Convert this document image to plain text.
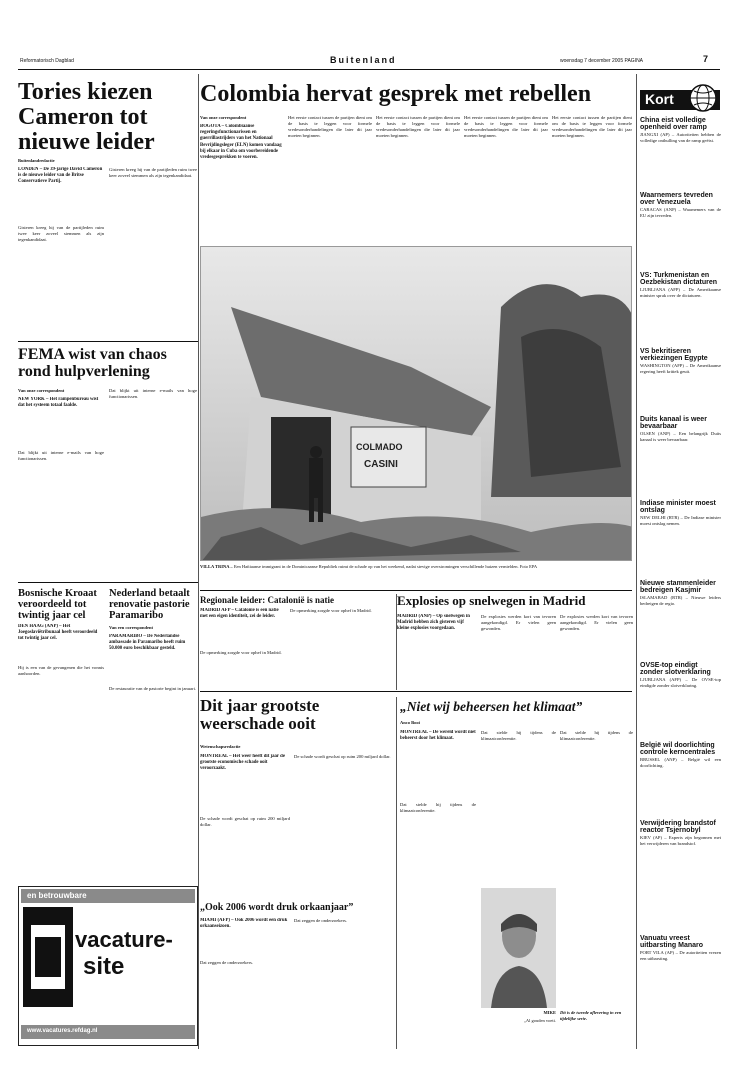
Reformatorisch Dagblad	Buitenland	woensdag 7 december 2005 PAGINA	7
Tories kiezen Cameron tot nieuwe leider
Buitenlandredactie
LONDEN – De 39-jarige David Cameron is de nieuwe leider van de Britse Conservatieve Partij.
Gisteren kreeg hij van de partijleden ruim twee keer zoveel stemmen als zijn tegenkandidaat.
Gisteren kreeg hij van de partijleden ruim twee keer zoveel stemmen als zijn tegenkandidaat.
Colombia hervat gesprek met rebellen
Van onze correspondent
BOGOTA – Colombiaanse regeringsfunctionarissen en guerrillastrijders van het Nationaal Bevrijdingsleger (ELN) komen vandaag bij elkaar in Cuba om voorbereidende vredesgesprekken te voeren.
Het eerste contact tussen de partijen dient om de basis te leggen voor formele vredesonderhandelingen die later dit jaar moeten beginnen.
Het eerste contact tussen de partijen dient om de basis te leggen voor formele vredesonderhandelingen die later dit jaar moeten beginnen.
Het eerste contact tussen de partijen dient om de basis te leggen voor formele vredesonderhandelingen die later dit jaar moeten beginnen.
Het eerste contact tussen de partijen dient om de basis te leggen voor formele vredesonderhandelingen die later dit jaar moeten beginnen.
COLMADO
CASINI
VILLA TRINA – Een Haïtiaanse immigrant in de Dominicaanse Republiek ruimt de schade op van het weekend, nadat stevige overstromingen verschillende huizen vernielden. Foto EPA
FEMA wist van chaos rond hulpverlening
Van onze correspondent
NEW YORK – Het rampenbureau wist dat het systeem totaal faalde.
Dat blijkt uit interne e-mails van hoge functionarissen.
Dat blijkt uit interne e-mails van hoge functionarissen.
Bosnische Kroaat veroordeeld tot twintig jaar cel
DEN HAAG (ANP) – Het Joegoslaviëtribunaal heeft veroordeeld tot twintig jaar cel.
Hij is een van de gevangenen die het vonnis aanhoorden.
Nederland betaalt renovatie pastorie Paramaribo
Van een correspondent
PARAMARIBO – De Nederlandse ambassade in Paramaribo heeft ruim 50.000 euro beschikbaar gesteld.
De restauratie van de pastorie begint in januari.
en betrouwbare
vacature-
site
www.vacatures.refdag.nl
Regionale leider: Catalonië is natie
MADRID AFP – Catalonië is een natie met een eigen identiteit, zei de leider.
De opmerking zorgde voor ophef in Madrid.
De opmerking zorgde voor ophef in Madrid.
Explosies op snelwegen in Madrid
MADRID (ANP) – Op snelwegen in Madrid hebben zich gisteren vijf kleine explosies voorgedaan.
De explosies werden kort van tevoren aangekondigd. Er vielen geen gewonden.
De explosies werden kort van tevoren aangekondigd. Er vielen geen gewonden.
Dit jaar grootste weerschade ooit
Wetenschapsredactie
MONTREAL – Het weer heeft dit jaar de grootste economische schade ooit veroorzaakt.
De schade wordt geschat op ruim 200 miljard dollar.
De schade wordt geschat op ruim 200 miljard dollar.
„Ook 2006 wordt druk orkaanjaar”
MIAMI (AFP) – Ook 2006 wordt een druk orkaanseizoen.
Dat zeggen de onderzoekers.
Dat zeggen de onderzoekers.
„Niet wij beheersen het klimaat”
Anco Booi
MONTREAL – De wereld wordt niet beheerst door het klimaat.
Dat stelde hij tijdens de klimaatconferentie.
Dat stelde hij tijdens de klimaatconferentie.
MIKE
„Al gouden voeti.
Dat stelde hij tijdens de klimaatconferentie.
Dit is de tweede aflevering in een tijdelijke serie.
Kort
China eist volledige openheid over ramp
JIANGXI (AP) – Autoriteiten hebben de volledige onthulling van de ramp geëist.
Waarnemers tevreden over Venezuela
CARACAS (ANP) – Waarnemers van de EU zijn tevreden.
VS: Turkmenistan en Oezbekistan dictaturen
LJUBLJANA (AFP) – De Amerikaanse minister sprak over de dictaturen.
VS bekritiseren verkiezingen Egypte
WASHINGTON (AFP) – De Amerikaanse regering heeft kritiek geuit.
Duits kanaal is weer bevaarbaar
OLSEN (ANP) – Een belangrijk Duits kanaal is weer bevaarbaar.
Indiase minister moest ontslag
NEW DELHI (RTR) – De Indiase minister moest ontslag nemen.
Nieuwe stammenleider bedreigen Kasjmir
ISLAMABAD (RTR) – Nieuwe leiders bedreigen de regio.
OVSE-top eindigt zonder slotverklaring
LJUBLJANA (AFP) – De OVSE-top eindigde zonder slotverklaring.
België wil doorlichting controle kerncentrales
BRUSSEL (ANP) – België wil een doorlichting.
Verwijdering brandstof reactor Tsjernobyl
KIEV (AP) – Experts zijn begonnen met het verwijderen van brandstof.
Vanuatu vreest uitbarsting Manaro
PORT VILA (AP) – De autoriteiten vrezen een uitbarsting.
